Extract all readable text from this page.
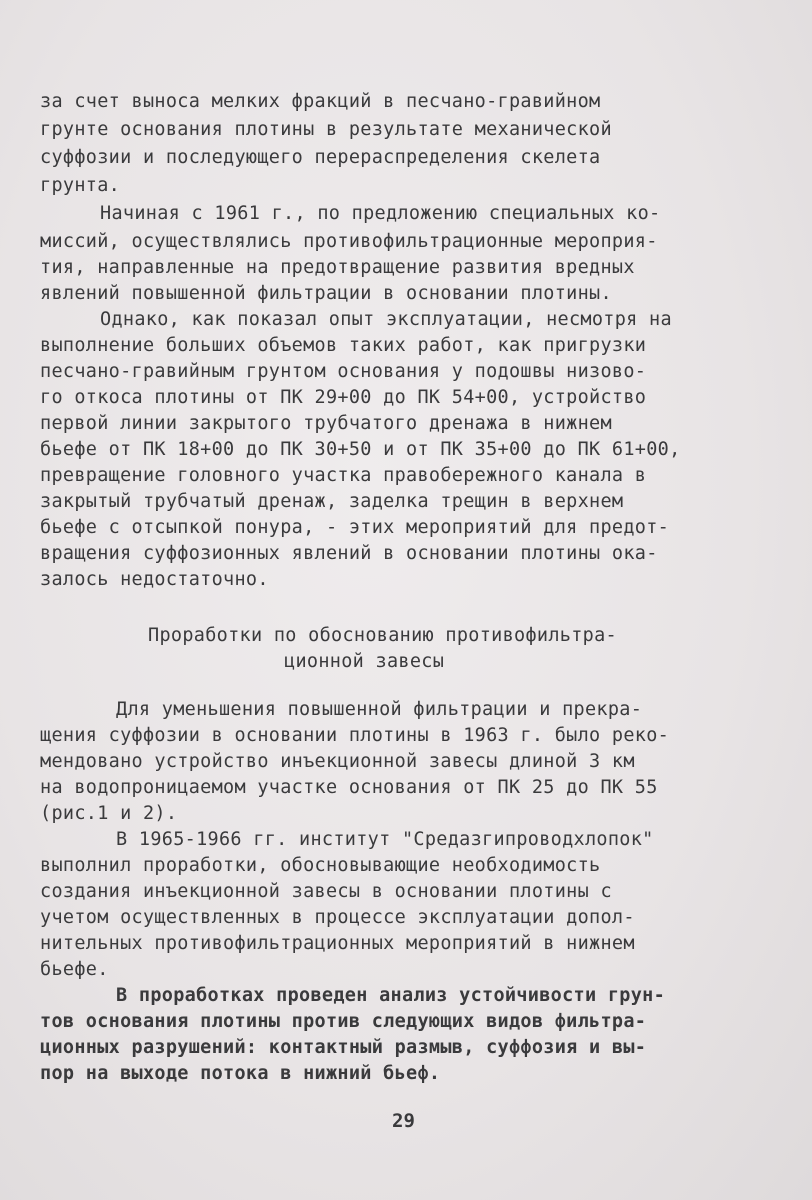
за счет выноса мелких фракций в песчано-гравийном
грунте основания плотины в результате механической
суффозии и последующего перераспределения скелета
грунта.
Начиная с 1961 г., по предложению специальных ко-
миссий, осуществлялись противофильтрационные мероприя-
тия, направленные на предотвращение развития вредных
явлений повышенной фильтрации в основании плотины.
Однако, как показал опыт эксплуатации, несмотря на
выполнение больших объемов таких работ, как пригрузки
песчано-гравийным грунтом основания у подошвы низово-
го откоса плотины от ПК 29+00 до ПК 54+00, устройство
первой линии закрытого трубчатого дренажа в нижнем
бьефе от ПК 18+00 до ПК 30+50 и от ПК 35+00 до ПК 61+00,
превращение головного участка правобережного канала в
закрытый трубчатый дренаж, заделка трещин в верхнем
бьефе с отсыпкой понура, - этих мероприятий для предот-
вращения суффозионных явлений в основании плотины ока-
залось недостаточно.
Проработки по обоснованию противофильтра-
ционной завесы
Для уменьшения повышенной фильтрации и прекра-
щения суффозии в основании плотины в 1963 г. было реко-
мендовано устройство инъекционной завесы длиной 3 км
на водопроницаемом участке основания от ПК 25 до ПК 55
(рис.1 и 2).
В 1965-1966 гг. институт "Средазгипроводхлопок"
выполнил проработки, обосновывающие необходимость
создания инъекционной завесы в основании плотины с
учетом осуществленных в процессе эксплуатации допол-
нительных противофильтрационных мероприятий в нижнем
бьефе.
В проработках проведен анализ устойчивости грун-
тов основания плотины против следующих видов фильтра-
ционных разрушений: контактный размыв, суффозия и вы-
пор на выходе потока в нижний бьеф.
29
